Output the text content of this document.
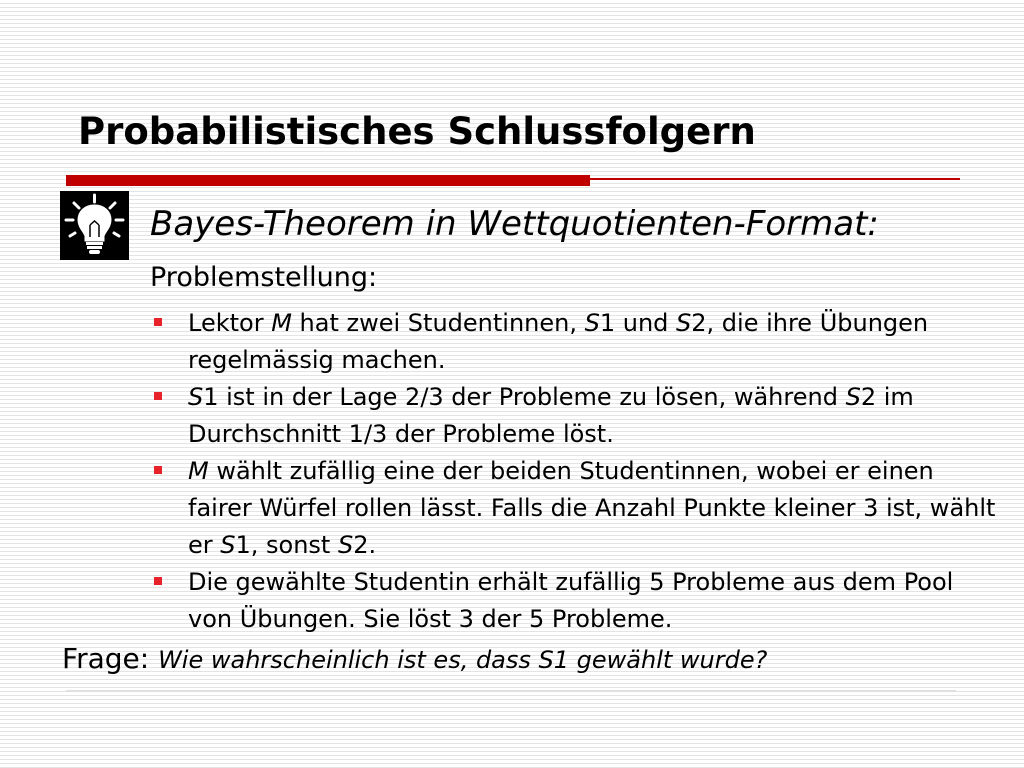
Probabilistisches Schlussfolgern
Bayes-Theorem in Wettquotienten-Format: Problemstellung:
Lektor M hat zwei Studentinnen, S1 und S2, die ihre Übungen regelmässig machen.
S1 ist in der Lage 2/3 der Probleme zu lösen, während S2 im Durchschnitt 1/3 der Probleme löst.
M wählt zufällig eine der beiden Studentinnen, wobei er einen fairer Würfel rollen lässt. Falls die Anzahl Punkte kleiner 3 ist, wählt er S1, sonst S2.
Die gewählte Studentin erhält zufällig 5 Probleme aus dem Pool von Übungen. Sie löst 3 der 5 Probleme.
Frage: Wie wahrscheinlich ist es, dass S1 gewählt wurde?
